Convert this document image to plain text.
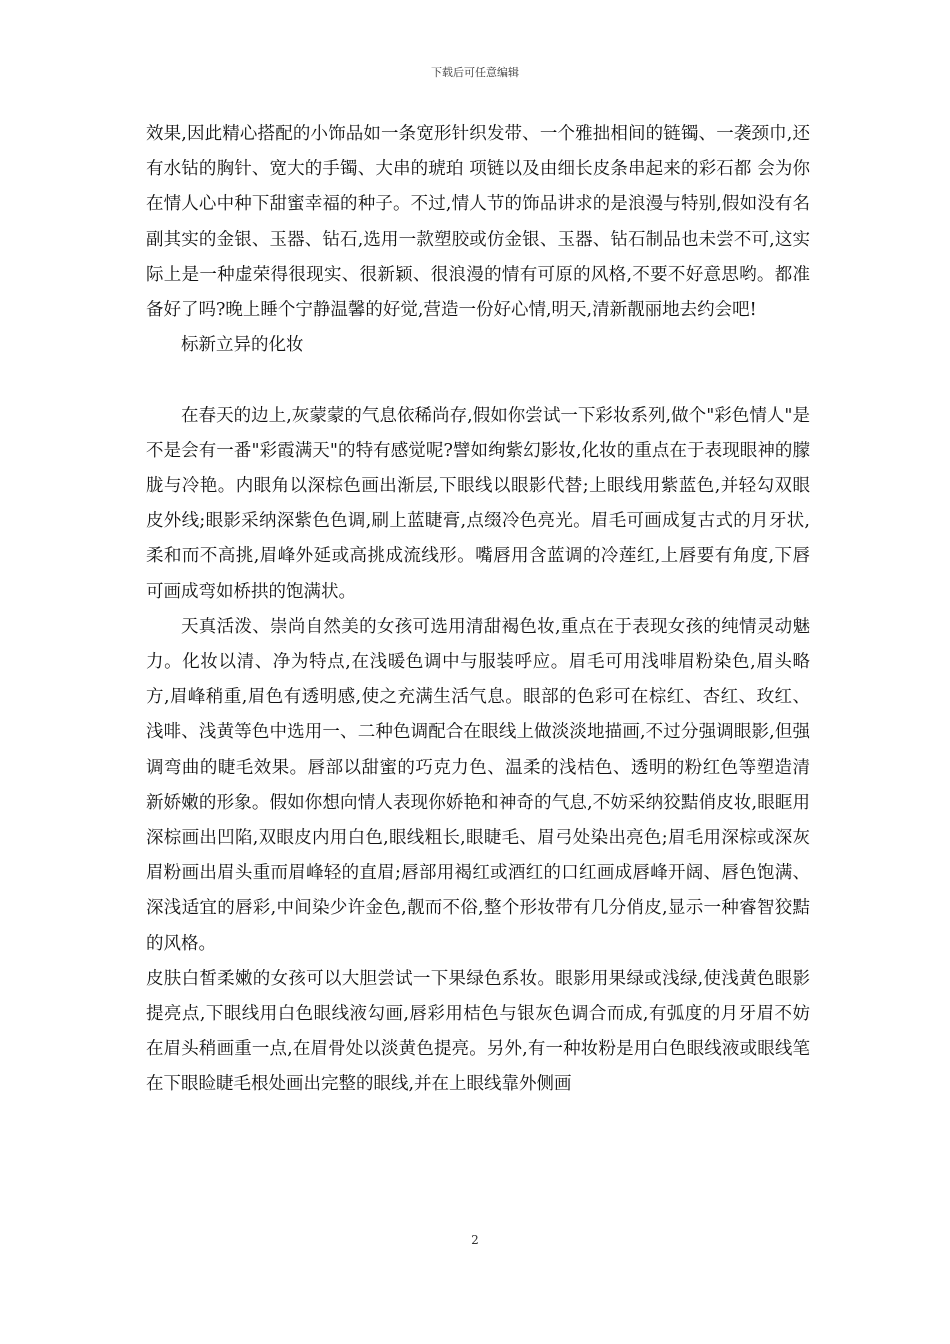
下载后可任意编辑

效果,因此精心搭配的小饰品如一条宽形针织发带、一个雅拙相间的链镯、一袭颈巾,还有水钻的胸针、宽大的手镯、大串的琥珀 项链以及由细长皮条串起来的彩石都 会为你在情人心中种下甜蜜幸福的种子。不过,情人节的饰品讲求的是浪漫与特别,假如没有名副其实的金银、玉器、钻石,选用一款塑胶或仿金银、玉器、钻石制品也未尝不可,这实际上是一种虚荣得很现实、很新颖、很浪漫的情有可原的风格,不要不好意思哟。都准备好了吗?晚上睡个宁静温馨的好觉,营造一份好心情,明天,清新靓丽地去约会吧!

标新立异的化妆

在春天的边上,灰蒙蒙的气息依稀尚存,假如你尝试一下彩妆系列,做个"彩色情人"是不是会有一番"彩霞满天"的特有感觉呢?譬如绚紫幻影妆,化妆的重点在于表现眼神的朦胧与冷艳。内眼角以深棕色画出渐层,下眼线以眼影代替;上眼线用紫蓝色,并轻勾双眼皮外线;眼影采纳深紫色色调,刷上蓝睫膏,点缀冷色亮光。眉毛可画成复古式的月牙状,柔和而不高挑,眉峰外延或高挑成流线形。嘴唇用含蓝调的冷莲红,上唇要有角度,下唇可画成弯如桥拱的饱满状。

天真活泼、崇尚自然美的女孩可选用清甜褐色妆,重点在于表现女孩的纯情灵动魅力。化妆以清、净为特点,在浅暖色调中与服装呼应。眉毛可用浅啡眉粉染色,眉头略方,眉峰稍重,眉色有透明感,使之充满生活气息。眼部的色彩可在棕红、杏红、玫红、浅啡、浅黄等色中选用一、二种色调配合在眼线上做淡淡地描画,不过分强调眼影,但强调弯曲的睫毛效果。唇部以甜蜜的巧克力色、温柔的浅桔色、透明的粉红色等塑造清新娇嫩的形象。假如你想向情人表现你娇艳和神奇的气息,不妨采纳狡黠俏皮妆,眼眶用深棕画出凹陷,双眼皮内用白色,眼线粗长,眼睫毛、眉弓处染出亮色;眉毛用深棕或深灰眉粉画出眉头重而眉峰轻的直眉;唇部用褐红或酒红的口红画成唇峰开阔、唇色饱满、深浅适宜的唇彩,中间染少许金色,靓而不俗,整个形妆带有几分俏皮,显示一种睿智狡黠的风格。

皮肤白皙柔嫩的女孩可以大胆尝试一下果绿色系妆。眼影用果绿或浅绿,使浅黄色眼影提亮点,下眼线用白色眼线液勾画,唇彩用桔色与银灰色调合而成,有弧度的月牙眉不妨在眉头稍画重一点,在眉骨处以淡黄色提亮。另外,有一种妆粉是用白色眼线液或眼线笔在下眼睑睫毛根处画出完整的眼线,并在上眼线靠外侧画

2
